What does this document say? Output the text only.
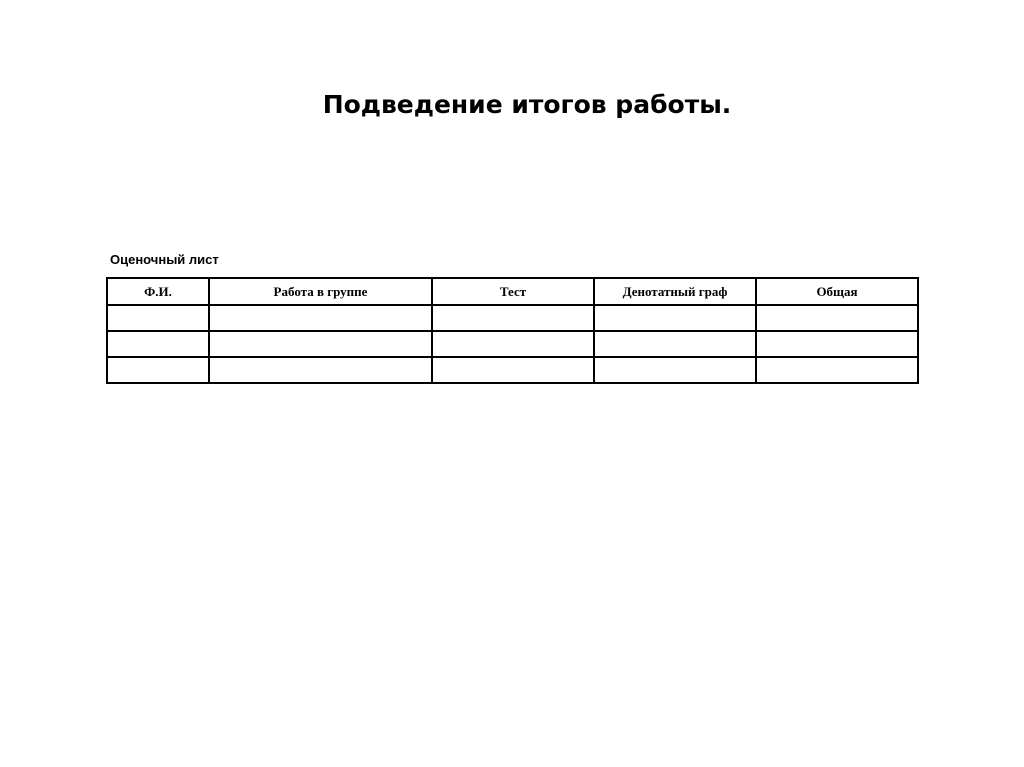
Подведение итогов работы.
Оценочный лист
Ф.И.	Работа в группе	Тест	Денотатный граф	Общая
